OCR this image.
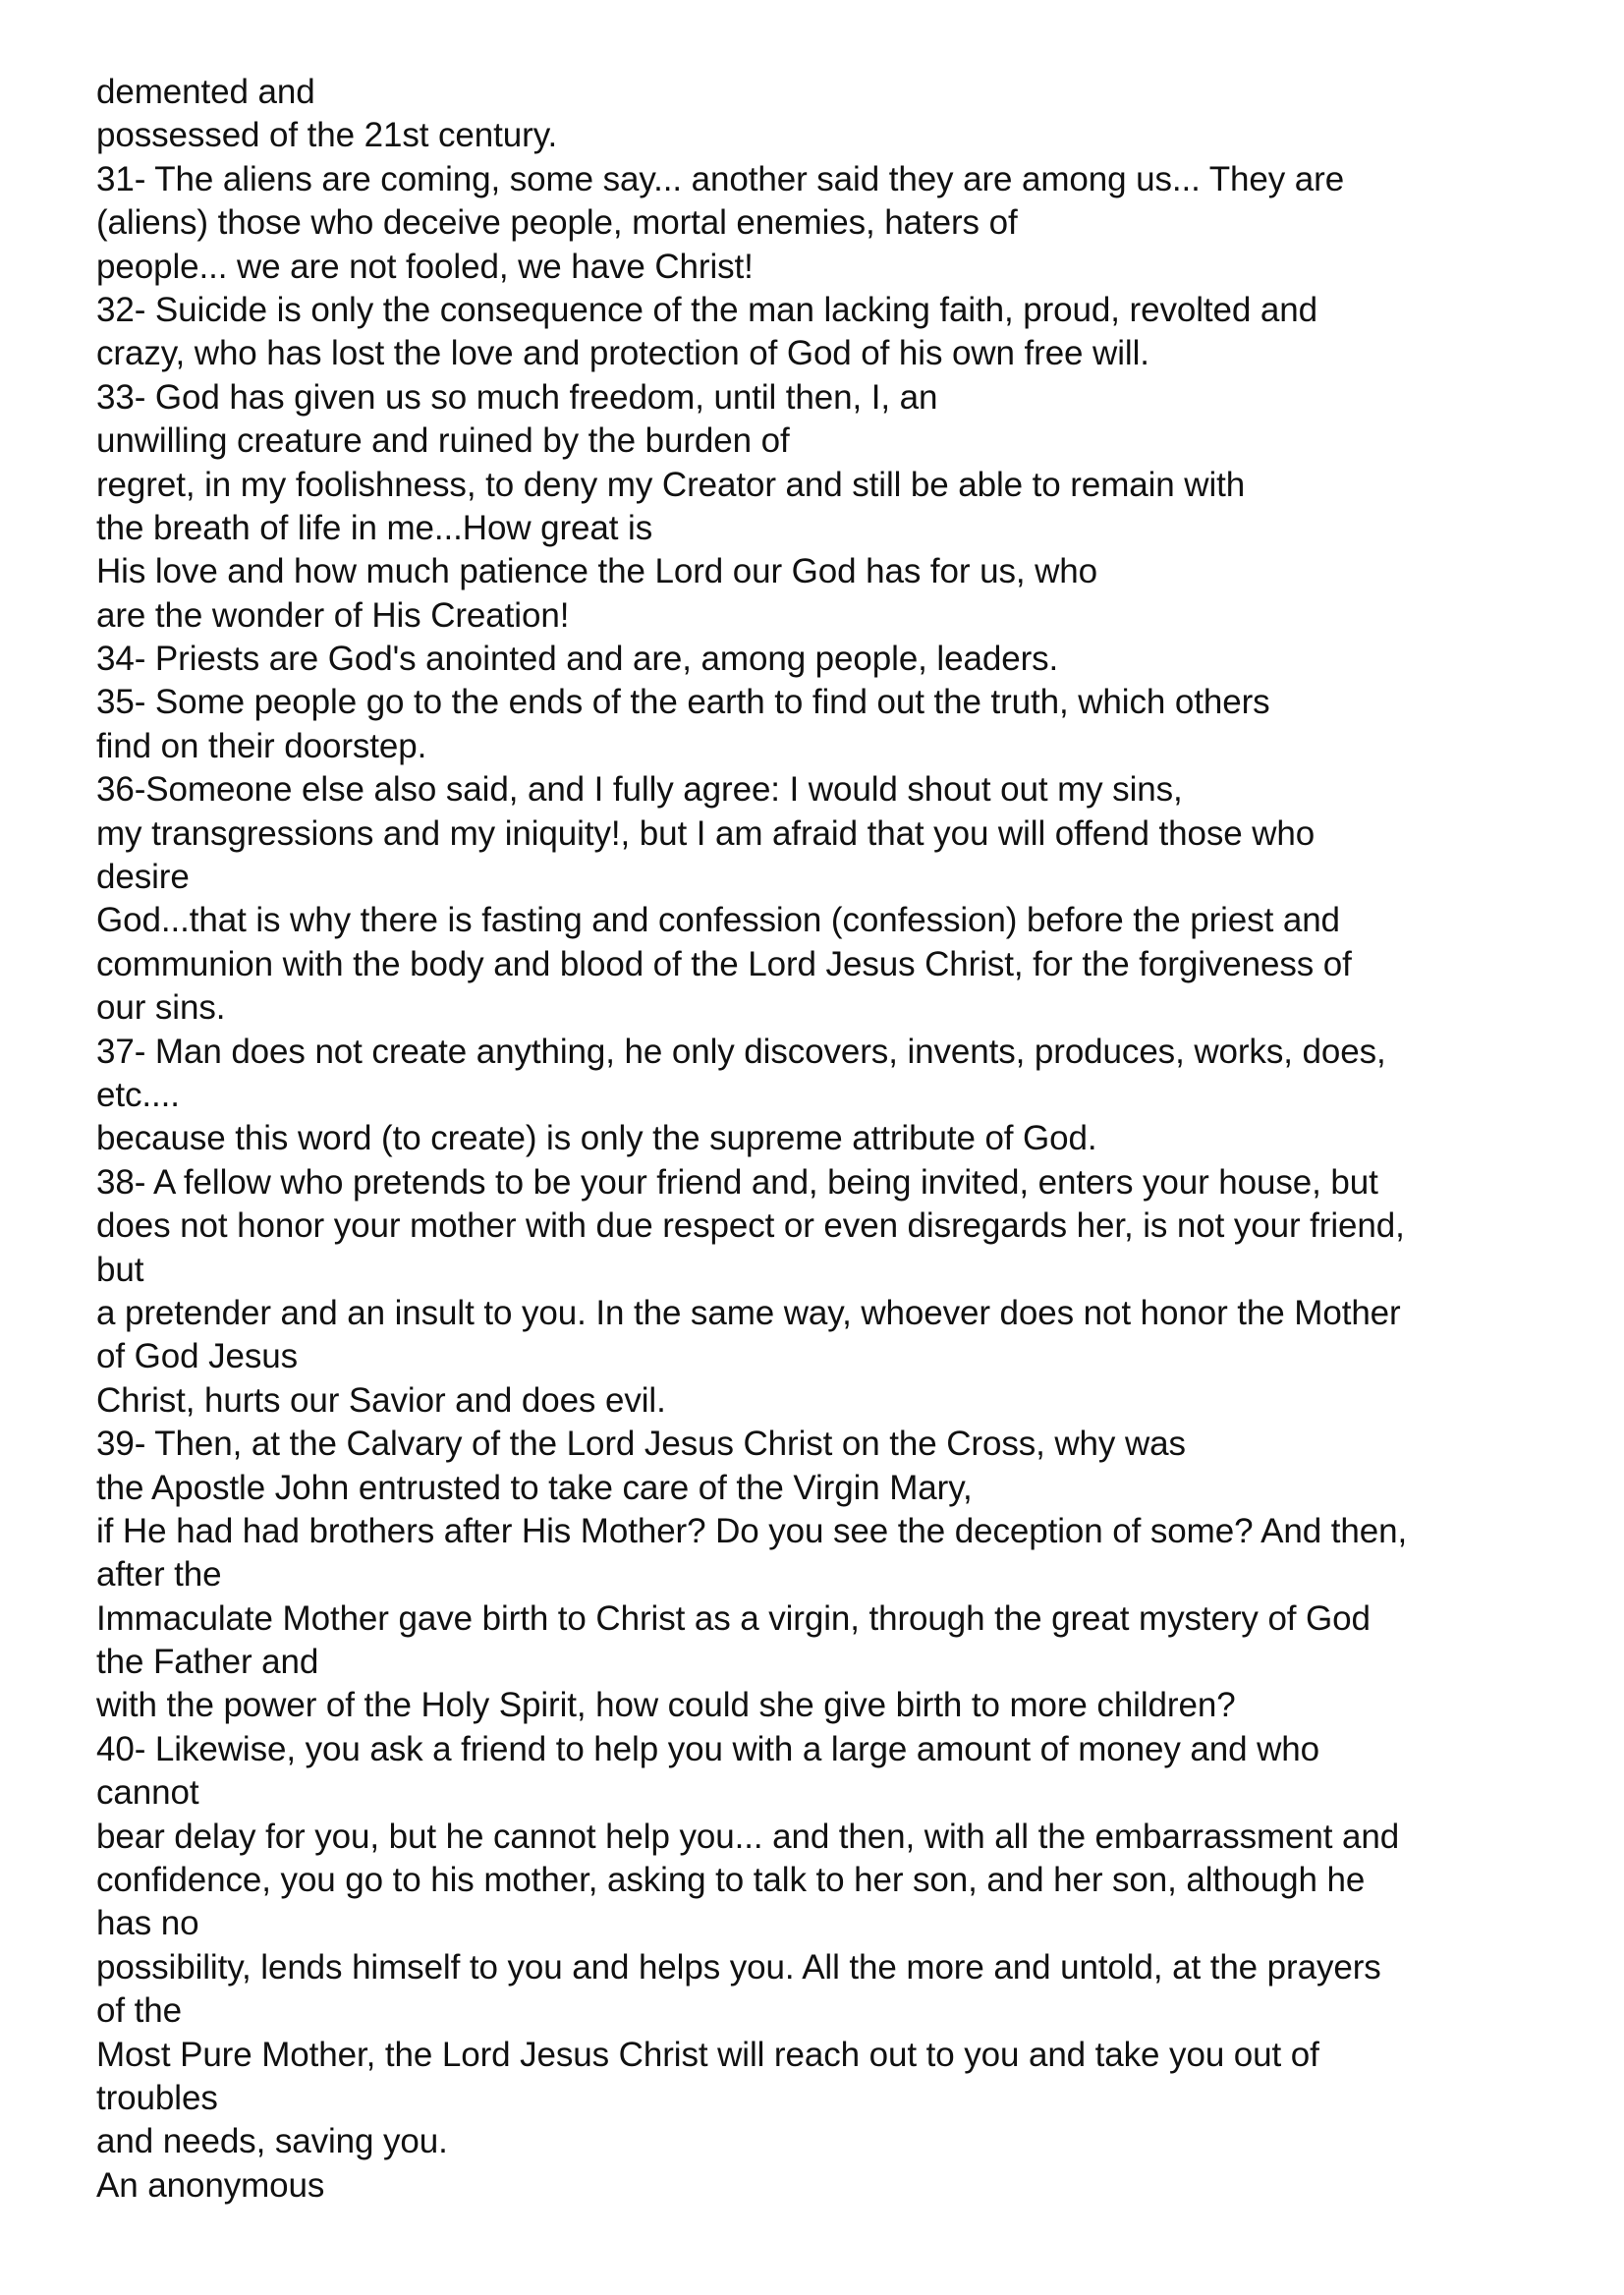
demented and
possessed of the 21st century.
31- The aliens are coming, some say... another said they are among us... They are
(aliens) those who deceive people, mortal enemies, haters of
people... we are not fooled, we have Christ!
32- Suicide is only the consequence of the man lacking faith, proud, revolted and
crazy, who has lost the love and protection of God of his own free will.
33- God has given us so much freedom, until then, I, an
unwilling creature and ruined by the burden of
regret, in my foolishness, to deny my Creator and still be able to remain with
the breath of life in me...How great is
His love and how much patience the Lord our God has for us, who
are the wonder of His Creation!
34- Priests are God's anointed and are, among people, leaders.
35- Some people go to the ends of the earth to find out the truth, which others
find on their doorstep.
36-Someone else also said, and I fully agree: I would shout out my sins,
my transgressions and my iniquity!, but I am afraid that you will offend those who
desire
God...that is why there is fasting and confession (confession) before the priest and
communion with the body and blood of the Lord Jesus Christ, for the forgiveness of
our sins.
37- Man does not create anything, he only discovers, invents, produces, works, does,
etc....
because this word (to create) is only the supreme attribute of God.
38- A fellow who pretends to be your friend and, being invited, enters your house, but
does not honor your mother with due respect or even disregards her, is not your friend,
but
a pretender and an insult to you. In the same way, whoever does not honor the Mother
of God Jesus
Christ, hurts our Savior and does evil.
39- Then, at the Calvary of the Lord Jesus Christ on the Cross, why was
the Apostle John entrusted to take care of the Virgin Mary,
if He had had brothers after His Mother? Do you see the deception of some? And then,
after the
Immaculate Mother gave birth to Christ as a virgin, through the great mystery of God
the Father and
with the power of the Holy Spirit, how could she give birth to more children?
40- Likewise, you ask a friend to help you with a large amount of money and who
cannot
bear delay for you, but he cannot help you... and then, with all the embarrassment and
confidence, you go to his mother, asking to talk to her son, and her son, although he
has no
possibility, lends himself to you and helps you. All the more and untold, at the prayers
of the
Most Pure Mother, the Lord Jesus Christ will reach out to you and take you out of
troubles
and needs, saving you.
An anonymous
